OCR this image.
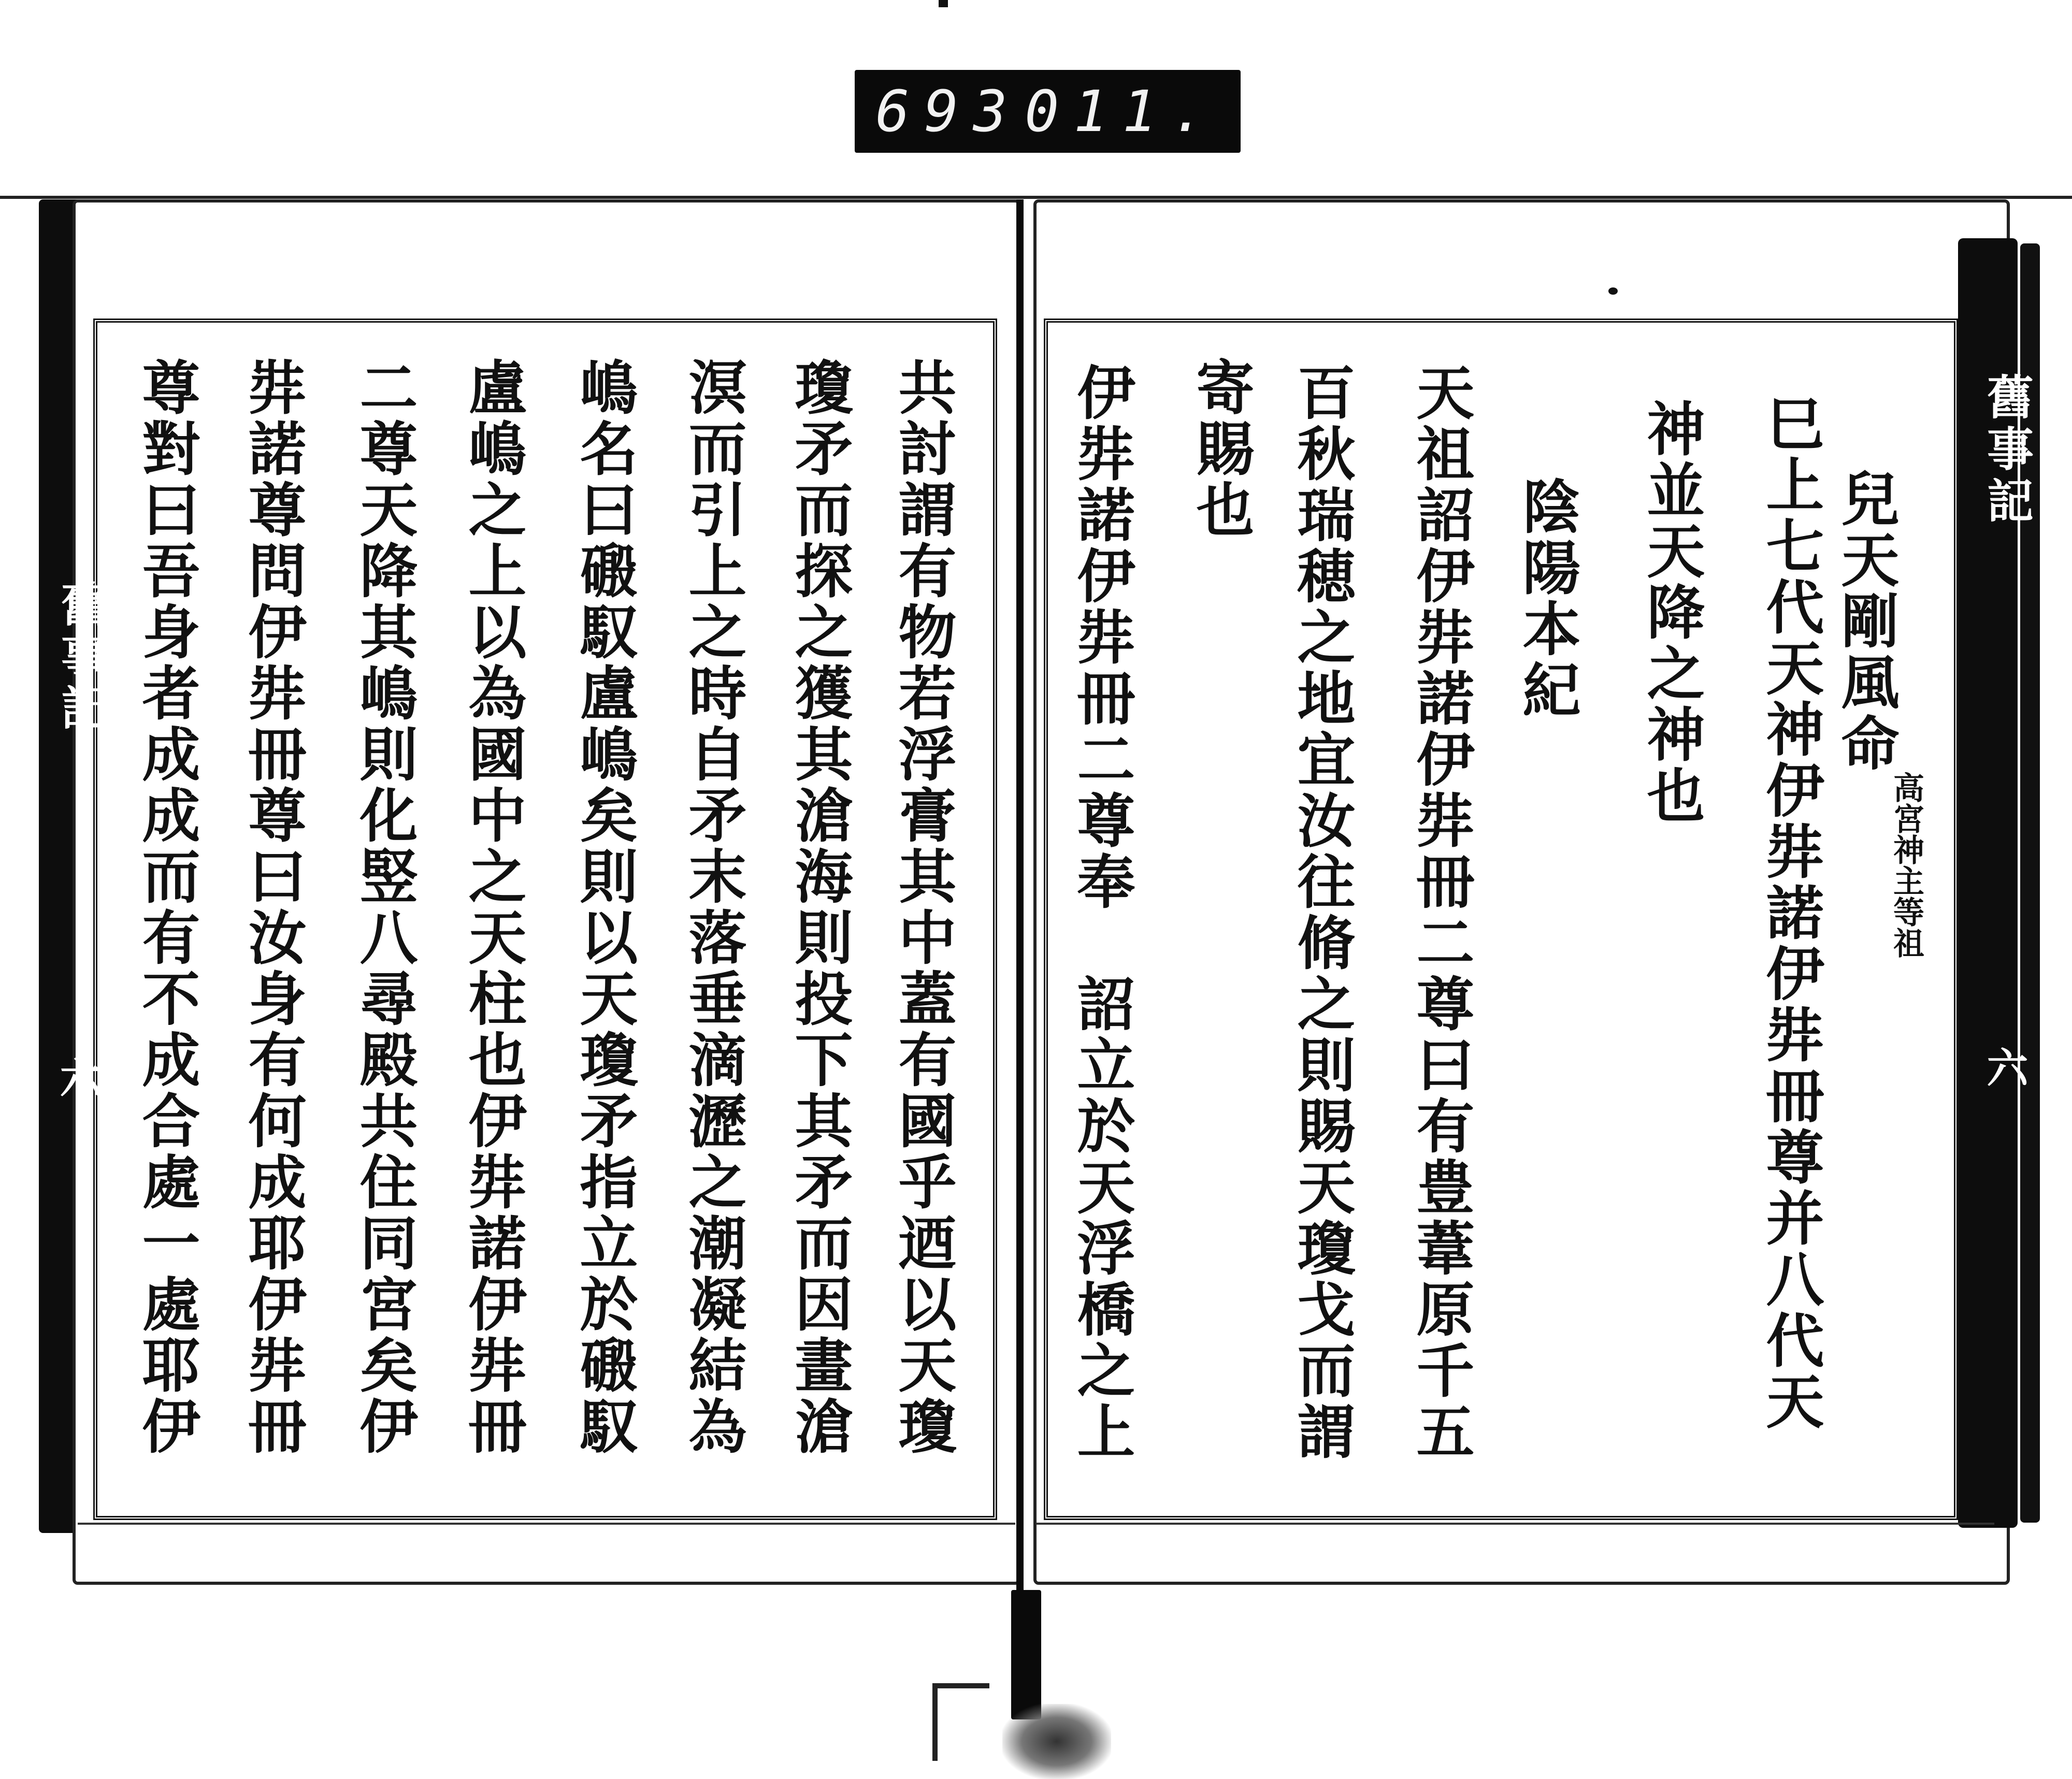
693 011.
舊事記
六
舊事記
六
兒天剛風命
高宮神主等祖
巳上七代天神伊弉諾伊弉冊尊并八代天
神並天降之神也
陰陽本紀
天祖詔伊弉諾伊弉冊二尊曰有豊葦原千五
百秋瑞穂之地宜汝往脩之則賜天瓊戈而謂
寄賜也
伊弉諾伊弉冊二尊奉　詔立於天浮橋之上
共討謂有物若浮膏其中蓋有國乎迺以天瓊
瓊矛而探之獲其滄海則投下其矛而因畫滄
溟而引上之時自矛末落垂滴瀝之潮凝結為
嶋名曰磤馭盧嶋矣則以天瓊矛指立於磤馭
盧嶋之上以為國中之天柱也伊弉諾伊弉冊
二尊天降其嶋則化竪八尋殿共住同宮矣伊
弉諾尊問伊弉冊尊曰汝身有何成耶伊弉冊
尊對曰吾身者成成而有不成合處一處耶伊
